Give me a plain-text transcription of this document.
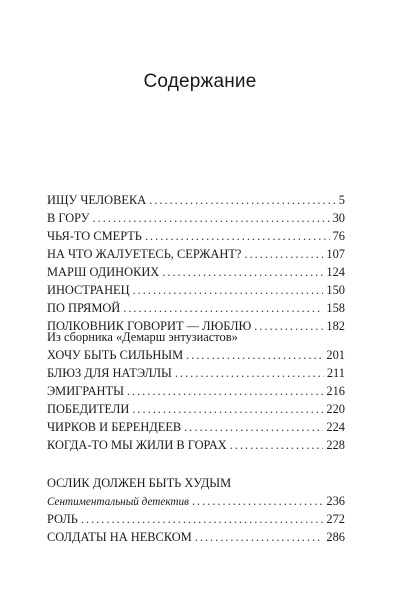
Содержание
ИЩУ ЧЕЛОВЕКА .....	5
В ГОРУ .....	30
ЧЬЯ-ТО СМЕРТЬ .....	76
НА ЧТО ЖАЛУЕТЕСЬ, СЕРЖАНТ? .....	107
МАРШ ОДИНОКИХ .....	124
ИНОСТРАНЕЦ .....	150
ПО ПРЯМОЙ .....	158
ПОЛКОВНИК ГОВОРИТ — ЛЮБЛЮ .....	182
Из сборника «Демарш энтузиастов»
ХОЧУ БЫТЬ СИЛЬНЫМ .....	201
БЛЮЗ ДЛЯ НАТЭЛЛЫ .....	211
ЭМИГРАНТЫ .....	216
ПОБЕДИТЕЛИ .....	220
ЧИРКОВ И БЕРЕНДЕЕВ .....	224
КОГДА-ТО МЫ ЖИЛИ В ГОРАХ .....	228
ОСЛИК ДОЛЖЕН БЫТЬ ХУДЫМ
Сентиментальный детектив .....	236
РОЛЬ .....	272
СОЛДАТЫ НА НЕВСКОМ .....	286
